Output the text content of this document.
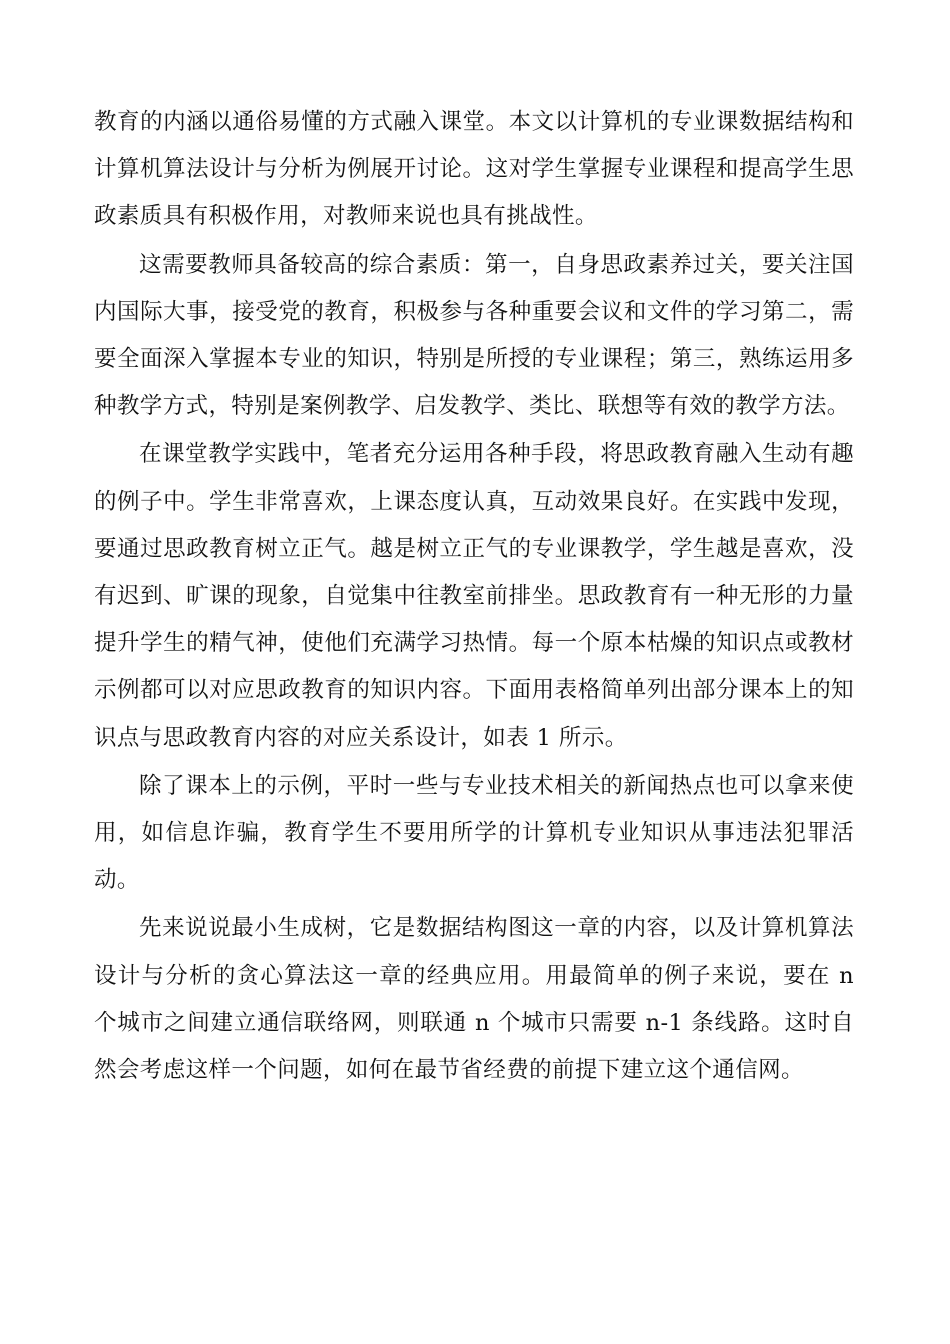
教育的内涵以通俗易懂的方式融入课堂。本文以计算机的专业课数据结构和计算机算法设计与分析为例展开讨论。这对学生掌握专业课程和提高学生思政素质具有积极作用，对教师来说也具有挑战性。

这需要教师具备较高的综合素质：第一，自身思政素养过关，要关注国内国际大事，接受党的教育，积极参与各种重要会议和文件的学习第二，需要全面深入掌握本专业的知识，特别是所授的专业课程；第三，熟练运用多种教学方式，特别是案例教学、启发教学、类比、联想等有效的教学方法。

在课堂教学实践中，笔者充分运用各种手段，将思政教育融入生动有趣的例子中。学生非常喜欢，上课态度认真，互动效果良好。在实践中发现，要通过思政教育树立正气。越是树立正气的专业课教学，学生越是喜欢，没有迟到、旷课的现象，自觉集中往教室前排坐。思政教育有一种无形的力量提升学生的精气神，使他们充满学习热情。每一个原本枯燥的知识点或教材示例都可以对应思政教育的知识内容。下面用表格简单列出部分课本上的知识点与思政教育内容的对应关系设计，如表 1 所示。

除了课本上的示例，平时一些与专业技术相关的新闻热点也可以拿来使用，如信息诈骗，教育学生不要用所学的计算机专业知识从事违法犯罪活动。

先来说说最小生成树，它是数据结构图这一章的内容，以及计算机算法设计与分析的贪心算法这一章的经典应用。用最简单的例子来说，要在 n 个城市之间建立通信联络网，则联通 n 个城市只需要 n-1 条线路。这时自然会考虑这样一个问题，如何在最节省经费的前提下建立这个通信网。
